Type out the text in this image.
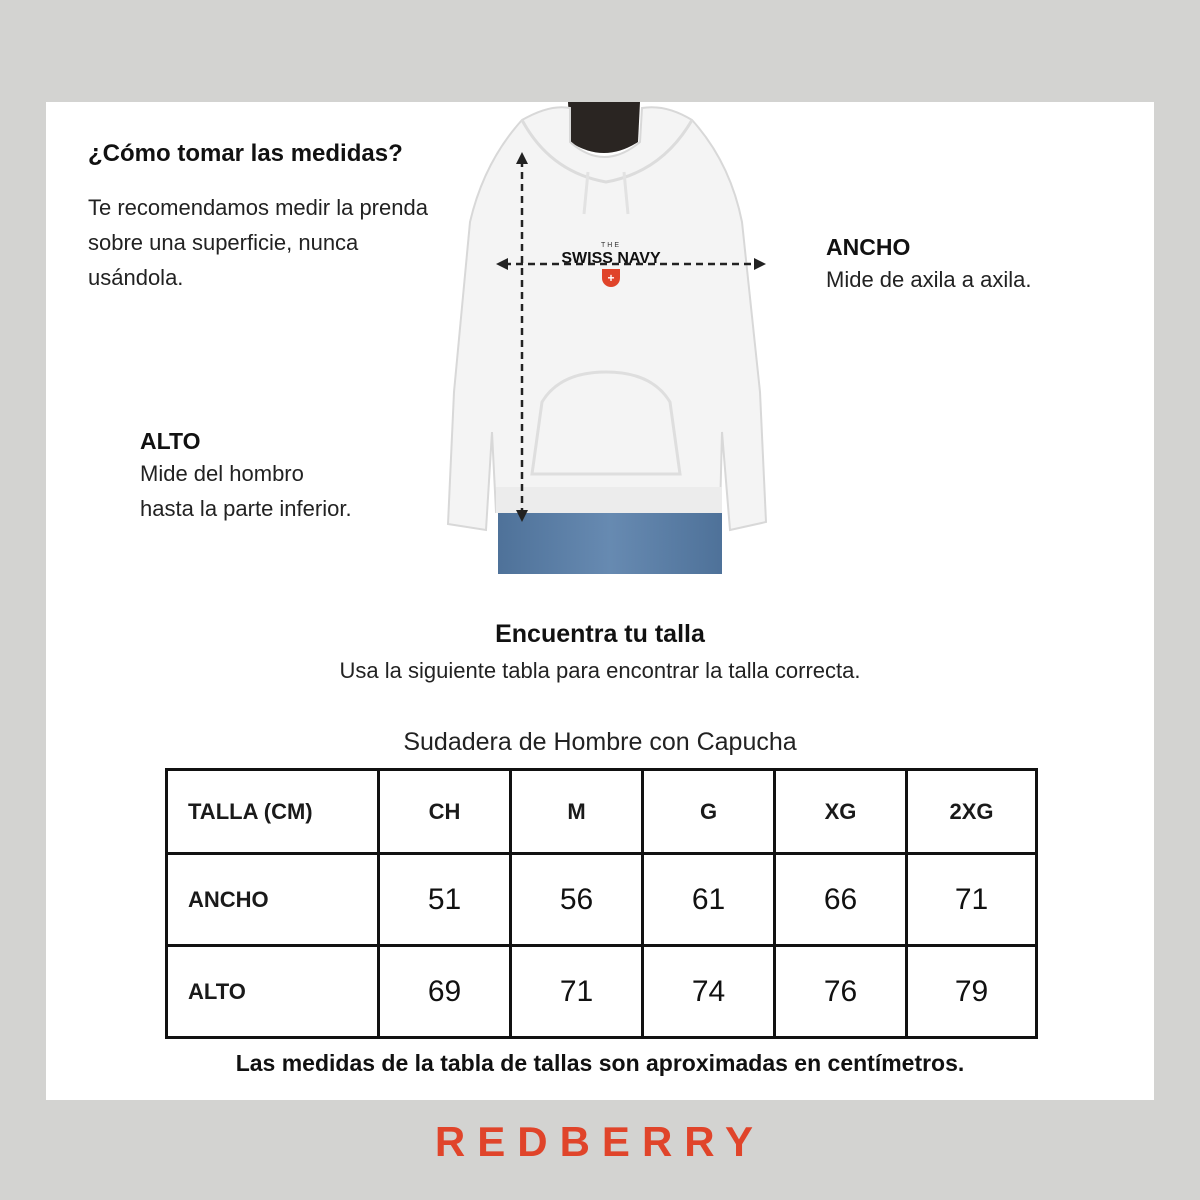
¿Cómo tomar las medidas?
Te recomendamos medir la prenda sobre una superficie, nunca usándola.
THE
SWISS NAVY
+
ANCHO
Mide de axila a axila.
ALTO
Mide del hombro
hasta la parte inferior.
Encuentra tu talla
Usa la siguiente tabla para encontrar la talla correcta.
Sudadera de Hombre con Capucha
TALLA (CM)	CH	M	G	XG	2XG
ANCHO	51	56	61	66	71
ALTO	69	71	74	76	79
Las medidas de la tabla de tallas son aproximadas en centímetros.
REDBERRY
